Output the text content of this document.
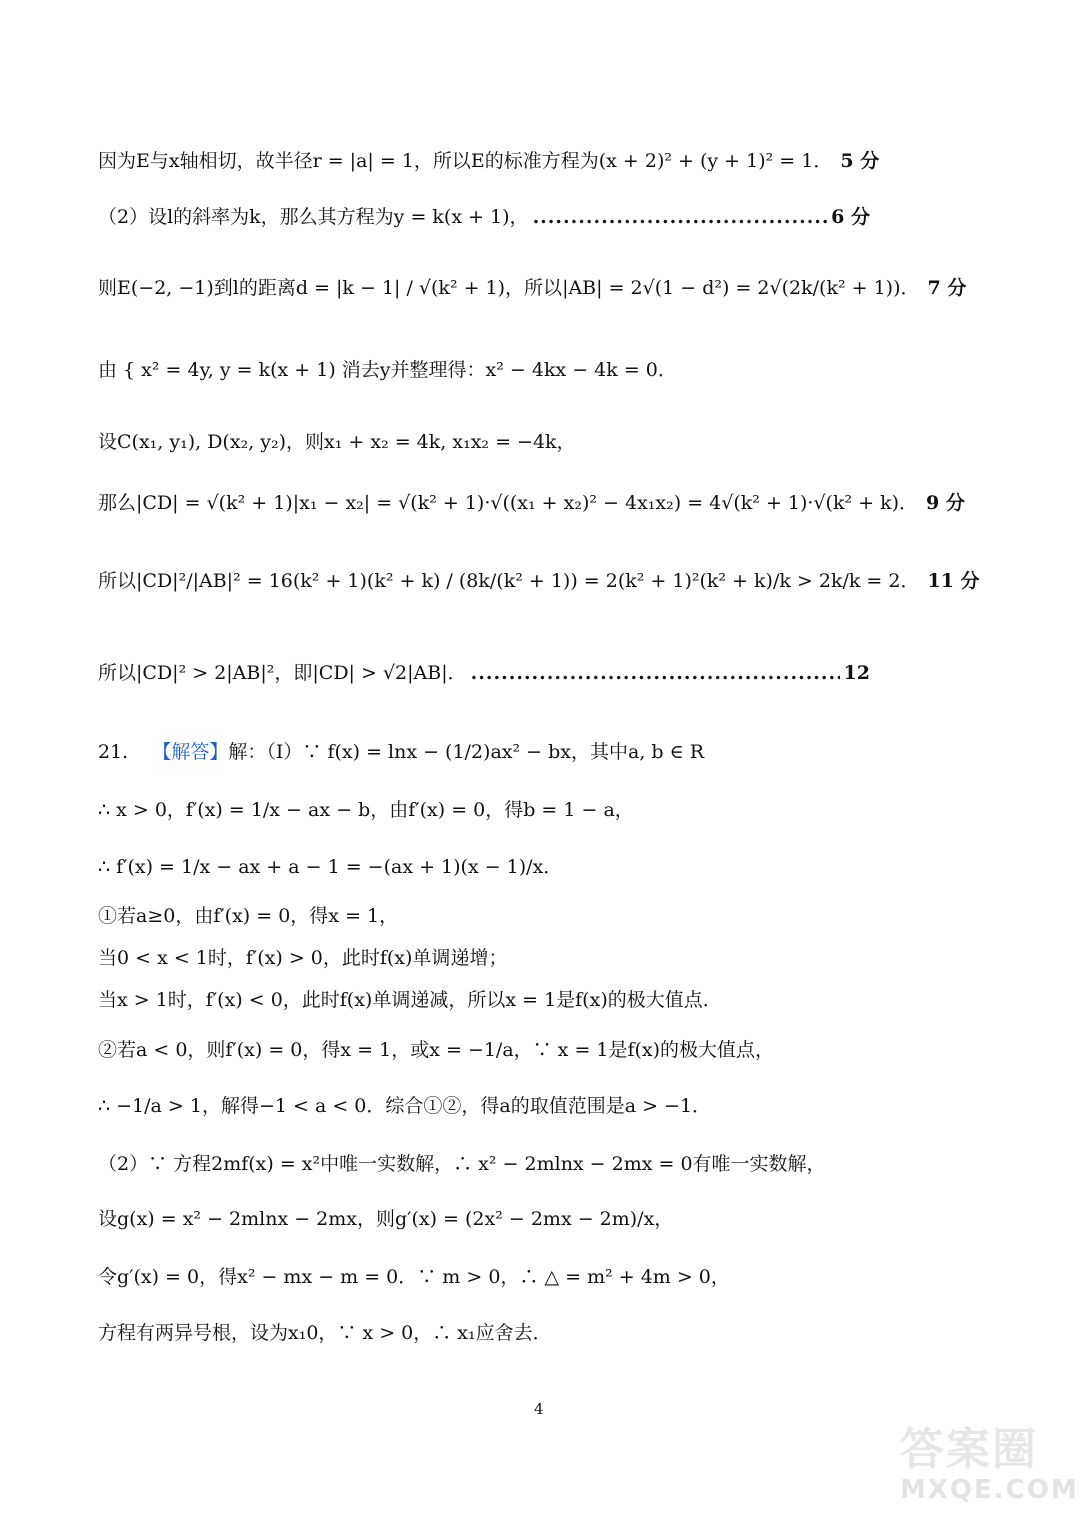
因为E与x轴相切，故半径r = |a| = 1，所以E的标准方程为(x + 2)² + (y + 1)² = 1． 5 分
（2）设l的斜率为k，那么其方程为y = k(x + 1)， .....	6 分
则E(−2, −1)到l的距离d = |k − 1| / √(k² + 1)，所以|AB| = 2√(1 − d²) = 2√(2k/(k² + 1))． 7 分
由 { x² = 4y, y = k(x + 1) 消去y并整理得：x² − 4kx − 4k = 0．
设C(x₁, y₁), D(x₂, y₂)，则x₁ + x₂ = 4k, x₁x₂ = −4k，
那么|CD| = √(k² + 1)|x₁ − x₂| = √(k² + 1)·√((x₁ + x₂)² − 4x₁x₂) = 4√(k² + 1)·√(k² + k)． 9 分
所以|CD|²/|AB|² = 16(k² + 1)(k² + k) / (8k/(k² + 1)) = 2(k² + 1)²(k² + k)/k > 2k/k = 2． 11 分
所以|CD|² > 2|AB|²，即|CD| > √2|AB|． .....	12
21. 【解答】解：（Ⅰ）∵ f(x) = lnx − (1/2)ax² − bx，其中a, b ∈ R
∴ x > 0，f′(x) = 1/x − ax − b，由f′(x) = 0，得b = 1 − a，
∴ f′(x) = 1/x − ax + a − 1 = −(ax + 1)(x − 1)/x．
①若a≥0，由f′(x) = 0，得x = 1，
当0 < x < 1时，f′(x) > 0，此时f(x)单调递增；
当x > 1时，f′(x) < 0，此时f(x)单调递减，所以x = 1是f(x)的极大值点．
②若a < 0，则f′(x) = 0，得x = 1，或x = −1/a，∵ x = 1是f(x)的极大值点，
∴ −1/a > 1，解得−1 < a < 0．综合①②，得a的取值范围是a > −1．
（2）∵ 方程2mf(x) = x²中唯一实数解，∴ x² − 2mlnx − 2mx = 0有唯一实数解，
设g(x) = x² − 2mlnx − 2mx，则g′(x) = (2x² − 2mx − 2m)/x，
令g′(x) = 0，得x² − mx − m = 0．∵ m > 0，∴ △ = m² + 4m > 0，
方程有两异号根，设为x₁0，∵ x > 0，∴ x₁应舍去．
4
答案圈
MXQE.COM
